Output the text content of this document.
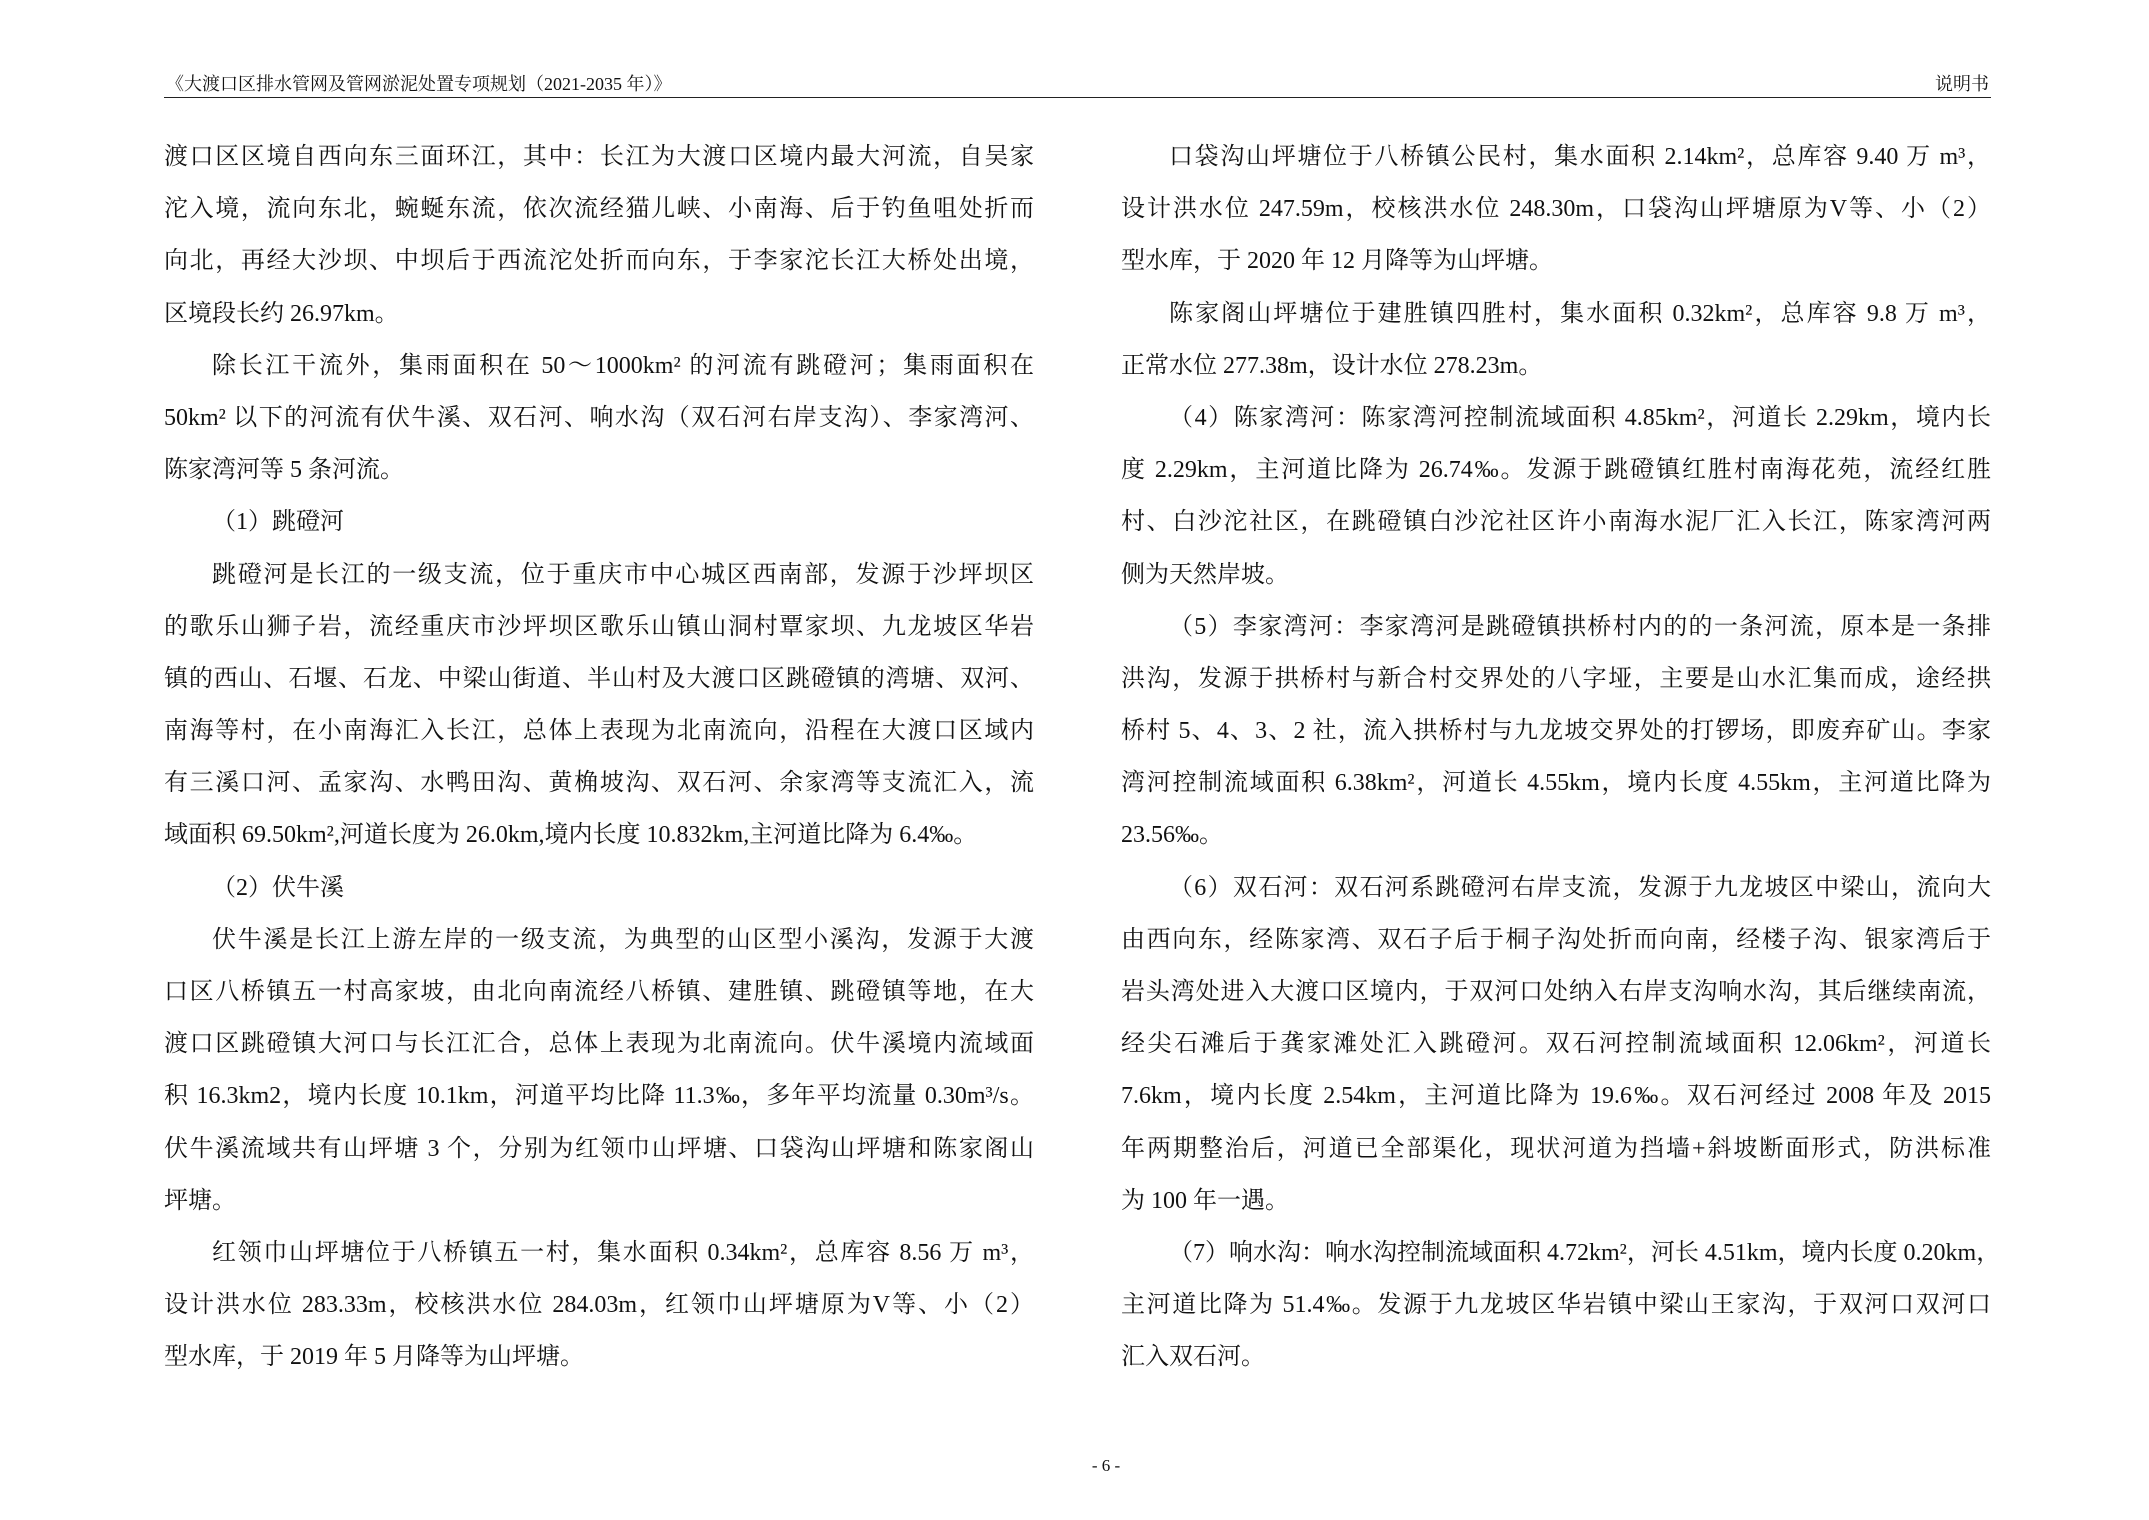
《大渡口区排水管网及管网淤泥处置专项规划（2021-2035 年）》	说明书
渡口区区境自西向东三面环江，其中：长江为大渡口区境内最大河流，自吴家
沱入境，流向东北，蜿蜒东流，依次流经猫儿峡、小南海、后于钓鱼咀处折而
向北，再经大沙坝、中坝后于西流沱处折而向东，于李家沱长江大桥处出境，
区境段长约 26.97km。
除长江干流外，集雨面积在 50～1000km² 的河流有跳磴河；集雨面积在
50km² 以下的河流有伏牛溪、双石河、响水沟（双石河右岸支沟）、李家湾河、
陈家湾河等 5 条河流。
（1）跳磴河
跳磴河是长江的一级支流，位于重庆市中心城区西南部，发源于沙坪坝区
的歌乐山狮子岩，流经重庆市沙坪坝区歌乐山镇山洞村覃家坝、九龙坡区华岩
镇的西山、石堰、石龙、中梁山街道、半山村及大渡口区跳磴镇的湾塘、双河、
南海等村，在小南海汇入长江，总体上表现为北南流向，沿程在大渡口区域内
有三溪口河、孟家沟、水鸭田沟、黄桷坡沟、双石河、余家湾等支流汇入，流
域面积 69.50km²,河道长度为 26.0km,境内长度 10.832km,主河道比降为 6.4‰。
（2）伏牛溪
伏牛溪是长江上游左岸的一级支流，为典型的山区型小溪沟，发源于大渡
口区八桥镇五一村高家坡，由北向南流经八桥镇、建胜镇、跳磴镇等地，在大
渡口区跳磴镇大河口与长江汇合，总体上表现为北南流向。伏牛溪境内流域面
积 16.3km2，境内长度 10.1km，河道平均比降 11.3‰，多年平均流量 0.30m³/s。
伏牛溪流域共有山坪塘 3 个，分别为红领巾山坪塘、口袋沟山坪塘和陈家阁山
坪塘。
红领巾山坪塘位于八桥镇五一村，集水面积 0.34km²，总库容 8.56 万 m³，
设计洪水位 283.33m，校核洪水位 284.03m，红领巾山坪塘原为V等、小（2）
型水库，于 2019 年 5 月降等为山坪塘。
口袋沟山坪塘位于八桥镇公民村，集水面积 2.14km²，总库容 9.40 万 m³，
设计洪水位 247.59m，校核洪水位 248.30m，口袋沟山坪塘原为V等、小（2）
型水库，于 2020 年 12 月降等为山坪塘。
陈家阁山坪塘位于建胜镇四胜村，集水面积 0.32km²，总库容 9.8 万 m³，
正常水位 277.38m，设计水位 278.23m。
（4）陈家湾河：陈家湾河控制流域面积 4.85km²，河道长 2.29km，境内长
度 2.29km，主河道比降为 26.74‰。发源于跳磴镇红胜村南海花苑，流经红胜
村、白沙沱社区，在跳磴镇白沙沱社区许小南海水泥厂汇入长江，陈家湾河两
侧为天然岸坡。
（5）李家湾河：李家湾河是跳磴镇拱桥村内的的一条河流，原本是一条排
洪沟，发源于拱桥村与新合村交界处的八字垭，主要是山水汇集而成，途经拱
桥村 5、4、3、2 社，流入拱桥村与九龙坡交界处的打锣场，即废弃矿山。李家
湾河控制流域面积 6.38km²，河道长 4.55km，境内长度 4.55km，主河道比降为
23.56‰。
（6）双石河：双石河系跳磴河右岸支流，发源于九龙坡区中梁山，流向大
由西向东，经陈家湾、双石子后于桐子沟处折而向南，经楼子沟、银家湾后于
岩头湾处进入大渡口区境内，于双河口处纳入右岸支沟响水沟，其后继续南流，
经尖石滩后于龚家滩处汇入跳磴河。双石河控制流域面积 12.06km²，河道长
7.6km，境内长度 2.54km，主河道比降为 19.6‰。双石河经过 2008 年及 2015
年两期整治后，河道已全部渠化，现状河道为挡墙+斜坡断面形式，防洪标准
为 100 年一遇。
（7）响水沟：响水沟控制流域面积 4.72km²，河长 4.51km，境内长度 0.20km，
主河道比降为 51.4‰。发源于九龙坡区华岩镇中梁山王家沟，于双河口双河口
汇入双石河。
- 6 -
